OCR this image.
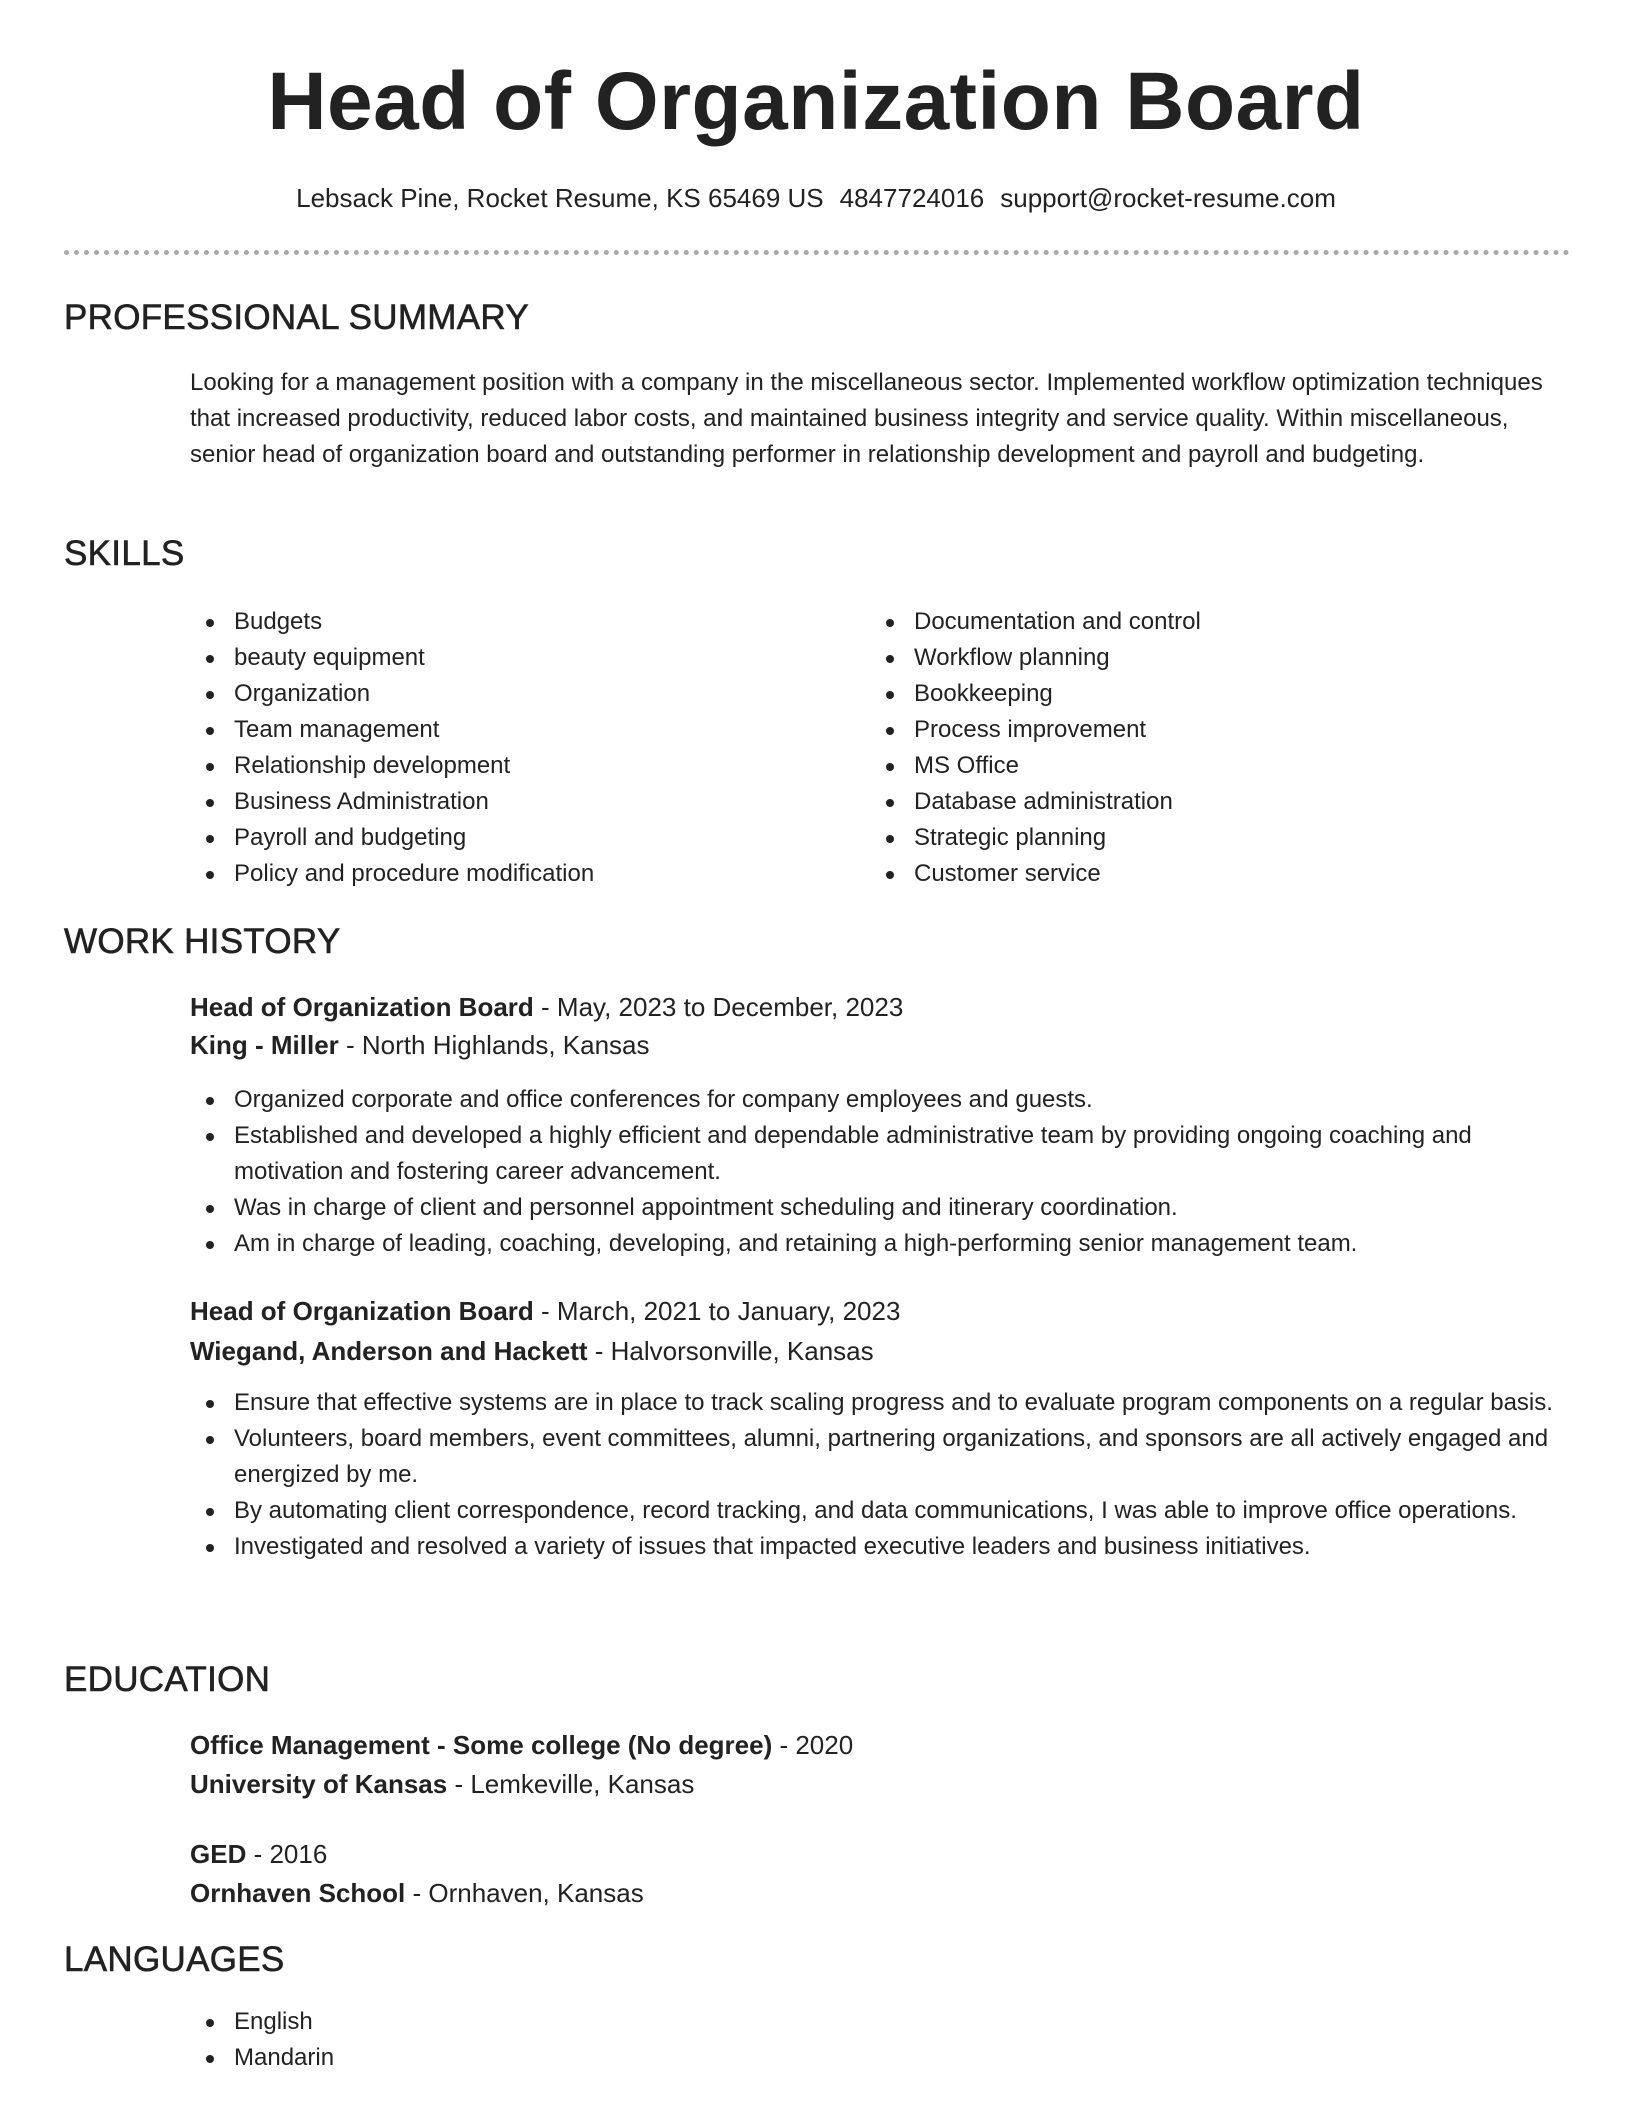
Head of Organization Board
Lebsack Pine, Rocket Resume, KS 65469 US 4847724016 support@rocket-resume.com
PROFESSIONAL SUMMARY
Looking for a management position with a company in the miscellaneous sector. Implemented workflow optimization techniques that increased productivity, reduced labor costs, and maintained business integrity and service quality. Within miscellaneous, senior head of organization board and outstanding performer in relationship development and payroll and budgeting.
SKILLS
Budgets
beauty equipment
Organization
Team management
Relationship development
Business Administration
Payroll and budgeting
Policy and procedure modification
Documentation and control
Workflow planning
Bookkeeping
Process improvement
MS Office
Database administration
Strategic planning
Customer service
WORK HISTORY
Head of Organization Board - May, 2023 to December, 2023
King - Miller - North Highlands, Kansas
Organized corporate and office conferences for company employees and guests.
Established and developed a highly efficient and dependable administrative team by providing ongoing coaching and motivation and fostering career advancement.
Was in charge of client and personnel appointment scheduling and itinerary coordination.
Am in charge of leading, coaching, developing, and retaining a high-performing senior management team.
Head of Organization Board - March, 2021 to January, 2023
Wiegand, Anderson and Hackett - Halvorsonville, Kansas
Ensure that effective systems are in place to track scaling progress and to evaluate program components on a regular basis.
Volunteers, board members, event committees, alumni, partnering organizations, and sponsors are all actively engaged and energized by me.
By automating client correspondence, record tracking, and data communications, I was able to improve office operations.
Investigated and resolved a variety of issues that impacted executive leaders and business initiatives.
EDUCATION
Office Management - Some college (No degree) - 2020
University of Kansas - Lemkeville, Kansas
GED - 2016
Ornhaven School - Ornhaven, Kansas
LANGUAGES
English
Mandarin
